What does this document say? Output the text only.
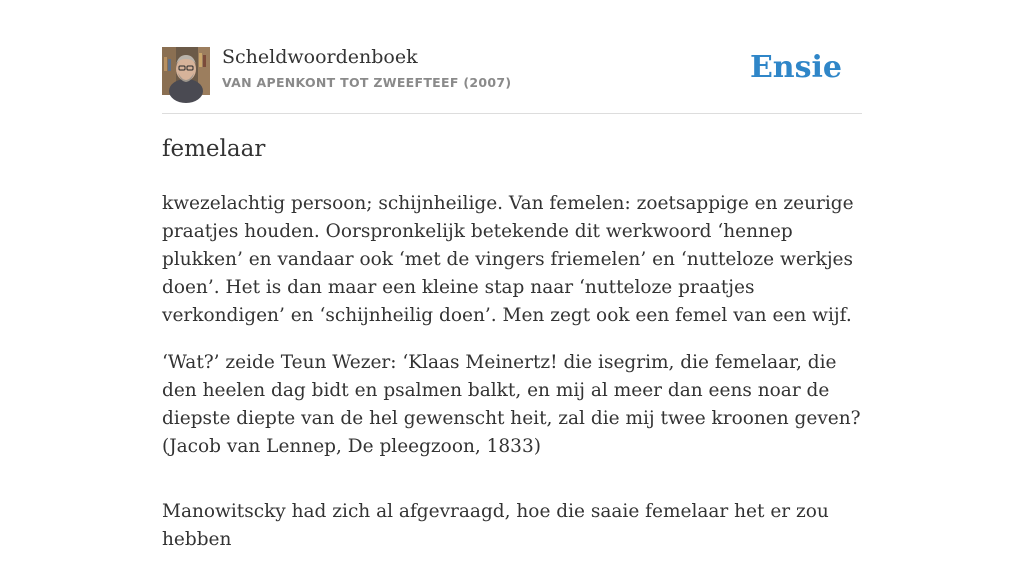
Scheldwoordenboek
VAN APENKONT TOT ZWEEFTEEF (2007)	Ensie
femelaar

kwezelachtig persoon; schijnheilige. Van femelen: zoetsappige en zeurige praatjes houden. Oorspronkelijk betekende dit werkwoord ‘hennep plukken’ en vandaar ook ‘met de vingers friemelen’ en ‘nutteloze werkjes doen’. Het is dan maar een kleine stap naar ‘nutteloze praatjes verkondigen’ en ‘schijnheilig doen’. Men zegt ook een femel van een wijf.

‘Wat?’ zeide Teun Wezer: ‘Klaas Meinertz! die isegrim, die femelaar, die den heelen dag bidt en psalmen balkt, en mij al meer dan eens noar de diepste diepte van de hel gewenscht heit, zal die mij twee kroonen geven? (Jacob van Lennep, De pleegzoon, 1833)

Manowitscky had zich al afgevraagd, hoe die saaie femelaar het er zou hebben
